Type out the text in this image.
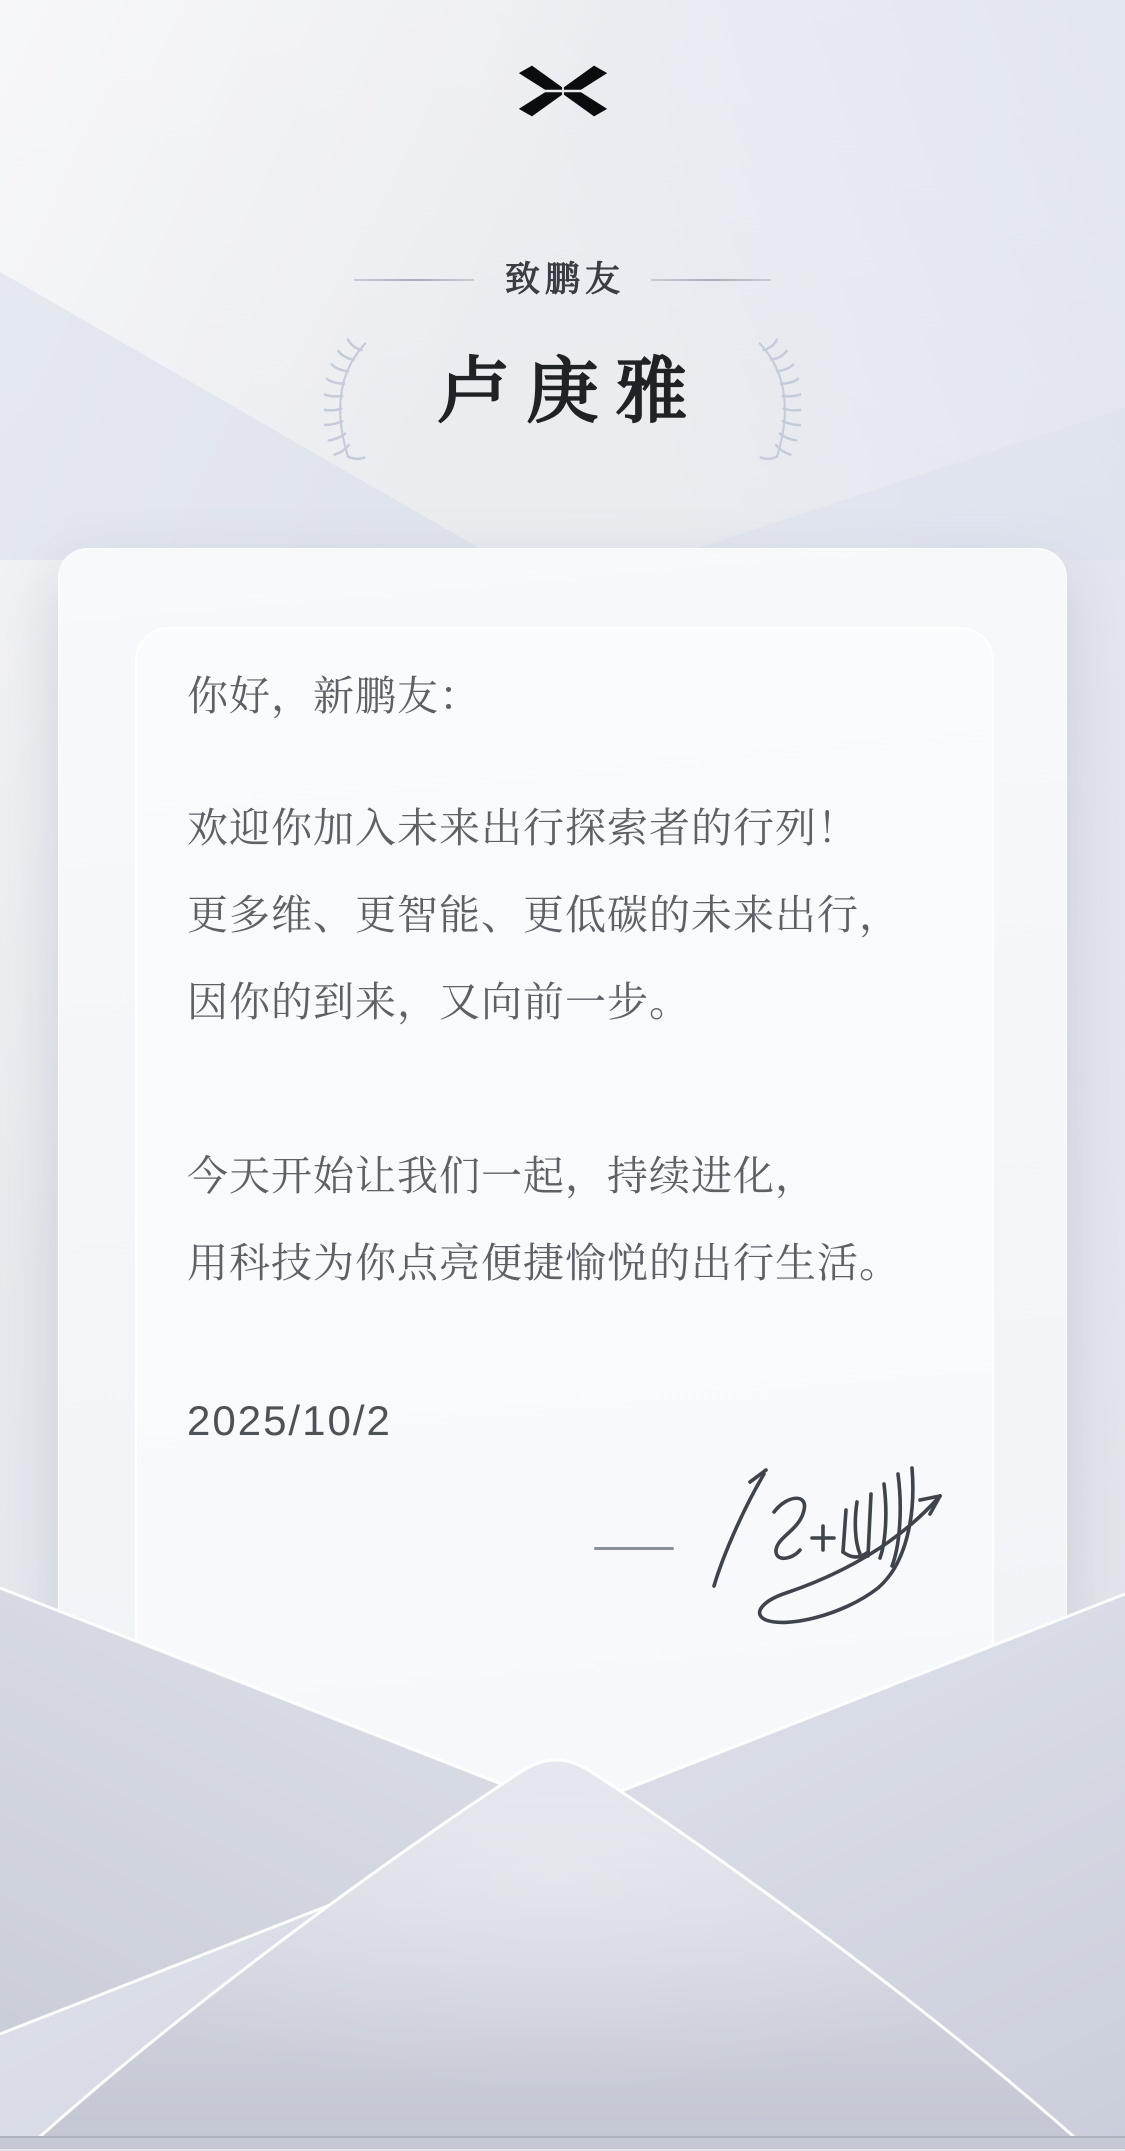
致鹏友
卢庚雅
你好，新鹏友：
欢迎你加入未来出行探索者的行列！
更多维、更智能、更低碳的未来出行，
因你的到来，又向前一步。
今天开始让我们一起，持续进化，
用科技为你点亮便捷愉悦的出行生活。
2025/10/2
